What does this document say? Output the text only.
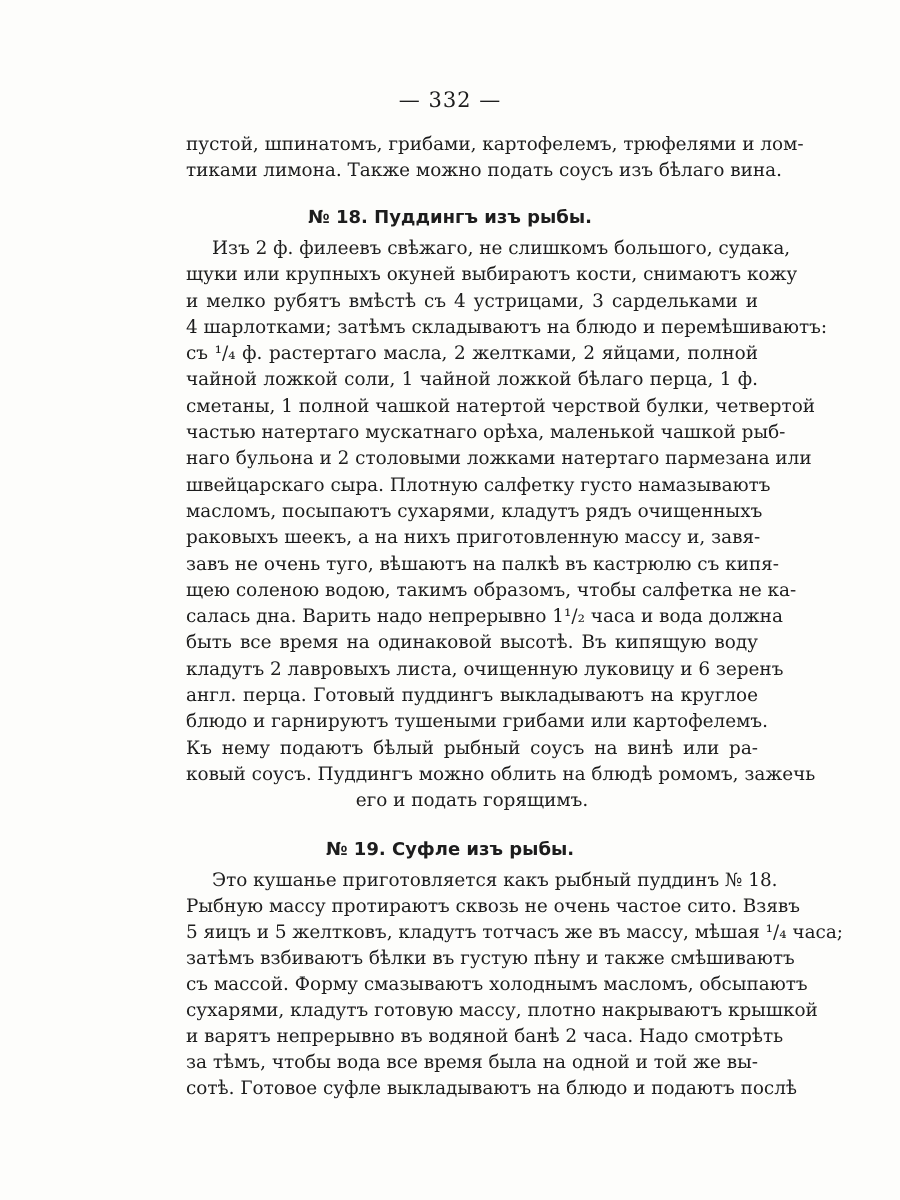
— 332 —
пустой, шпинатомъ, грибами, картофелемъ, трюфелями и лом-
тиками лимона. Также можно подать соусъ изъ бѣлаго вина.
№ 18. Пуддингъ изъ рыбы.
Изъ 2 ф. филеевъ свѣжаго, не слишкомъ большого, судака,
щуки или крупныхъ окуней выбираютъ кости, снимаютъ кожу
и мелко рубятъ вмѣстѣ съ 4 устрицами, 3 сардельками и
4 шарлотками; затѣмъ складываютъ на блюдо и перемѣшиваютъ:
съ ¹/₄ ф. растертаго масла, 2 желтками, 2 яйцами, полной
чайной ложкой соли, 1 чайной ложкой бѣлаго перца, 1 ф.
сметаны, 1 полной чашкой натертой черствой булки, четвертой
частью натертаго мускатнаго орѣха, маленькой чашкой рыб-
наго бульона и 2 столовыми ложками натертаго пармезана или
швейцарскаго сыра. Плотную салфетку густо намазываютъ
масломъ, посыпаютъ сухарями, кладутъ рядъ очищенныхъ
раковыхъ шеекъ, а на нихъ приготовленную массу и, завя-
завъ не очень туго, вѣшаютъ на палкѣ въ кастрюлю съ кипя-
щею соленою водою, такимъ образомъ, чтобы салфетка не ка-
салась дна. Варить надо непрерывно 1¹/₂ часа и вода должна
быть все время на одинаковой высотѣ. Въ кипящую воду
кладутъ 2 лавровыхъ листа, очищенную луковицу и 6 зеренъ
англ. перца. Готовый пуддингъ выкладываютъ на круглое
блюдо и гарнируютъ тушеными грибами или картофелемъ.
Къ нему подаютъ бѣлый рыбный соусъ на винѣ или ра-
ковый соусъ. Пуддингъ можно облить на блюдѣ ромомъ, зажечь
его и подать горящимъ.
№ 19. Суфле изъ рыбы.
Это кушанье приготовляется какъ рыбный пуддинъ № 18.
Рыбную массу протираютъ сквозь не очень частое сито. Взявъ
5 яицъ и 5 желтковъ, кладутъ тотчасъ же въ массу, мѣшая ¹/₄ часа;
затѣмъ взбиваютъ бѣлки въ густую пѣну и также смѣшиваютъ
съ массой. Форму смазываютъ холоднымъ масломъ, обсыпаютъ
сухарями, кладутъ готовую массу, плотно накрываютъ крышкой
и варятъ непрерывно въ водяной банѣ 2 часа. Надо смотрѣть
за тѣмъ, чтобы вода все время была на одной и той же вы-
сотѣ. Готовое суфле выкладываютъ на блюдо и подаютъ послѣ
